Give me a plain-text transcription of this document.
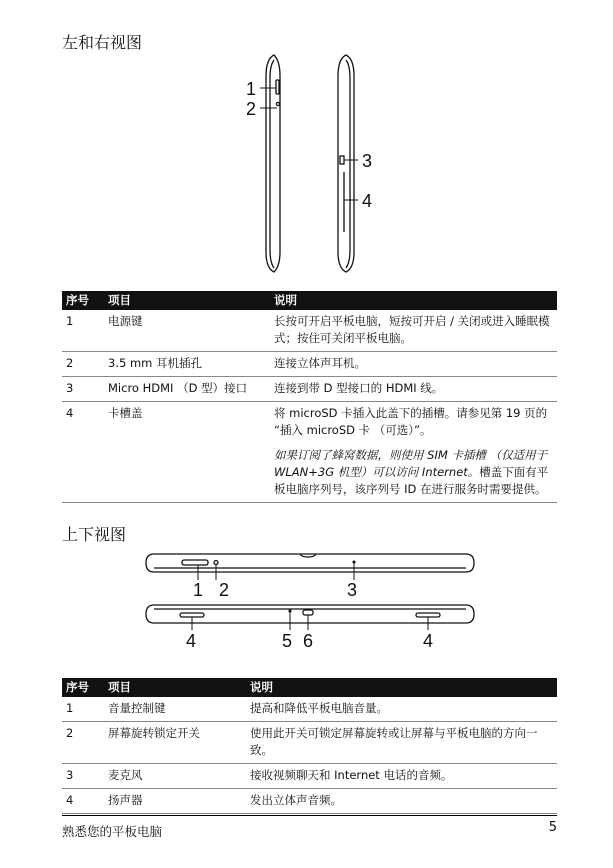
左和右视图
1
2
3
4
序号	项目	说明
1	电源键	长按可开启平板电脑，短按可开启 / 关闭或进入睡眠模式；按住可关闭平板电脑。
2	3.5 mm 耳机插孔	连接立体声耳机。
3	Micro HDMI （D 型）接口	连接到带 D 型接口的 HDMI 线。
4	卡槽盖	将 microSD 卡插入此盖下的插槽。请参见第 19 页的 “插入 microSD 卡 （可选）”。
如果订阅了蜂窝数据，则使用 SIM 卡插槽 （仅适用于 WLAN+3G 机型）可以访问 Internet。槽盖下面有平板电脑序列号，该序列号 ID 在进行服务时需要提供。
上下视图
1 2	3
4	5 6	4
序号	项目	说明
1	音量控制键	提高和降低平板电脑音量。
2	屏幕旋转锁定开关	使用此开关可锁定屏幕旋转或让屏幕与平板电脑的方向一致。
3	麦克风	接收视频聊天和 Internet 电话的音频。
4	扬声器	发出立体声音频。
熟悉您的平板电脑	5
